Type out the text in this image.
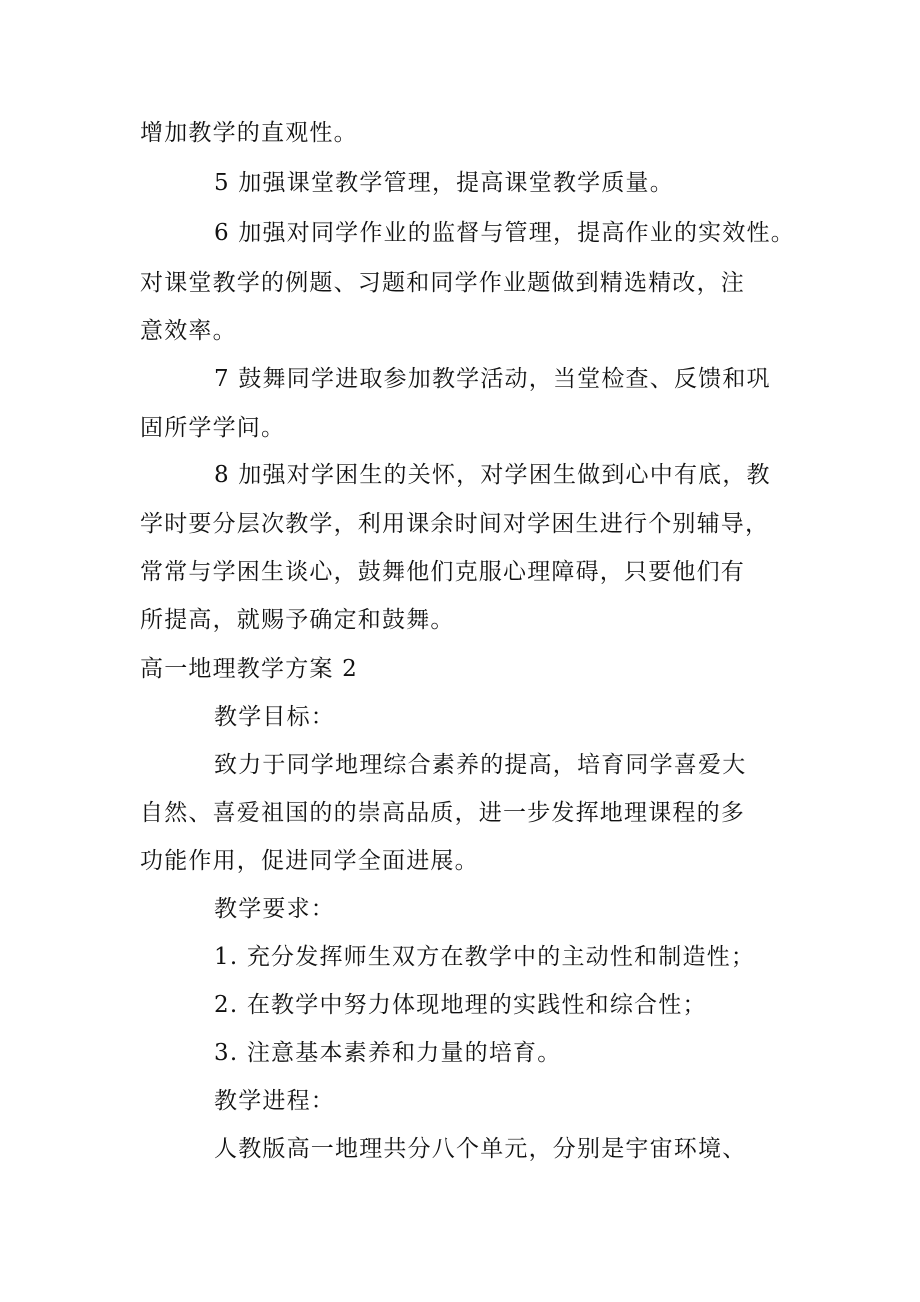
增加教学的直观性。
5 加强课堂教学管理，提高课堂教学质量。
6 加强对同学作业的监督与管理，提高作业的实效性。
对课堂教学的例题、习题和同学作业题做到精选精改，注
意效率。
7 鼓舞同学进取参加教学活动，当堂检查、反馈和巩
固所学学问。
8 加强对学困生的关怀，对学困生做到心中有底，教
学时要分层次教学，利用课余时间对学困生进行个别辅导，
常常与学困生谈心，鼓舞他们克服心理障碍，只要他们有
所提高，就赐予确定和鼓舞。
高一地理教学方案 2
教学目标：
致力于同学地理综合素养的提高，培育同学喜爱大
自然、喜爱祖国的的崇高品质，进一步发挥地理课程的多
功能作用，促进同学全面进展。
教学要求：
1. 充分发挥师生双方在教学中的主动性和制造性；
2. 在教学中努力体现地理的实践性和综合性；
3. 注意基本素养和力量的培育。
教学进程：
人教版高一地理共分八个单元，分别是宇宙环境、
